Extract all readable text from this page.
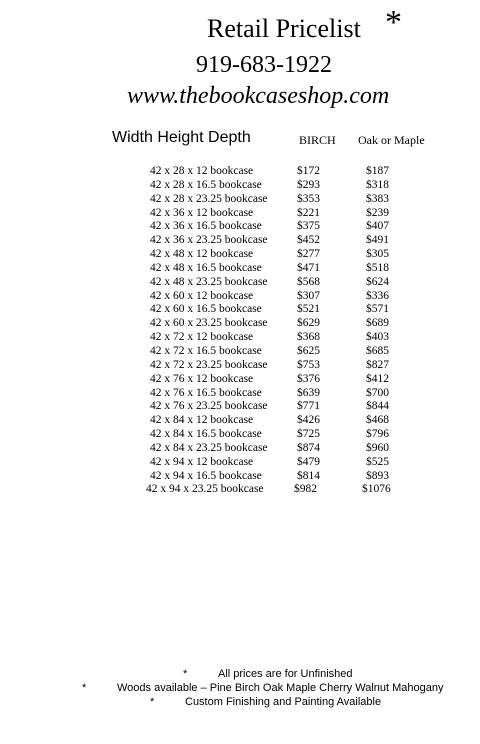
Retail Pricelist *
919-683-1922
www.thebookcaseshop.com
Width Height Depth	BIRCH Oak or Maple
42 x 28 x 12 bookcase	$172	$187
42 x 28 x 16.5 bookcase	$293	$318
42 x 28 x 23.25 bookcase	$353	$383
42 x 36 x 12 bookcase	$221	$239
42 x 36 x 16.5 bookcase	$375	$407
42 x 36 x 23.25 bookcase	$452	$491
42 x 48 x 12 bookcase	$277	$305
42 x 48 x 16.5 bookcase	$471	$518
42 x 48 x 23.25 bookcase	$568	$624
42 x 60 x 12 bookcase	$307	$336
42 x 60 x 16.5 bookcase	$521	$571
42 x 60 x 23.25 bookcase	$629	$689
42 x 72 x 12 bookcase	$368	$403
42 x 72 x 16.5 bookcase	$625	$685
42 x 72 x 23.25 bookcase	$753	$827
42 x 76 x 12 bookcase	$376	$412
42 x 76 x 16.5 bookcase	$639	$700
42 x 76 x 23.25 bookcase	$771	$844
42 x 84 x 12 bookcase	$426	$468
42 x 84 x 16.5 bookcase	$725	$796
42 x 84 x 23.25 bookcase	$874	$960
42 x 94 x 12 bookcase	$479	$525
42 x 94 x 16.5 bookcase	$814	$893
42 x 94 x 23.25 bookcase	$982	$1076
*	All prices are for Unfinished
*	Woods available – Pine Birch Oak Maple Cherry Walnut Mahogany
*	Custom Finishing and Painting Available
